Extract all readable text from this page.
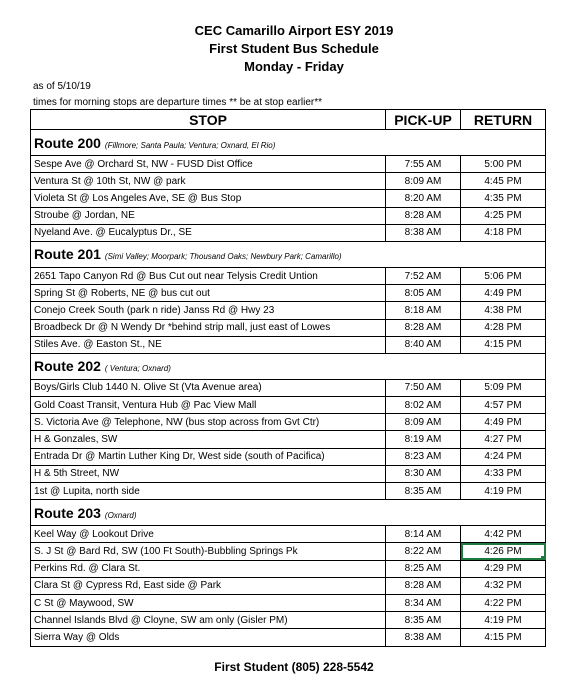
CEC Camarillo Airport ESY 2019
First Student Bus Schedule
Monday - Friday
as of 5/10/19
times for morning stops are departure times ** be at stop earlier**
STOP	PICK-UP	RETURN
Route 200 (Fillmore; Santa Paula; Ventura; Oxnard, El Rio)		
Sespe Ave @ Orchard St, NW - FUSD Dist Office	7:55 AM	5:00 PM
Ventura St @ 10th St, NW @ park	8:09 AM	4:45 PM
Violeta St @ Los Angeles Ave, SE @ Bus Stop	8:20 AM	4:35 PM
Stroube @ Jordan, NE	8:28 AM	4:25 PM
Nyeland Ave. @ Eucalyptus Dr., SE	8:38 AM	4:18 PM
Route 201 (Simi Valley; Moorpark; Thousand Oaks; Newbury Park; Camarillo)		
2651 Tapo Canyon Rd @ Bus Cut out near Telysis Credit Untion	7:52 AM	5:06 PM
Spring St @ Roberts, NE @ bus cut out	8:05 AM	4:49 PM
Conejo Creek South (park n ride) Janss Rd @ Hwy 23	8:18 AM	4:38 PM
Broadbeck Dr @ N Wendy Dr *behind strip mall, just east of Lowes	8:28 AM	4:28 PM
Stiles Ave. @ Easton St., NE	8:40 AM	4:15 PM
Route 202 ( Ventura; Oxnard)		
Boys/Girls Club 1440 N. Olive St (Vta Avenue area)	7:50 AM	5:09 PM
Gold Coast Transit, Ventura Hub @ Pac View Mall	8:02 AM	4:57 PM
S. Victoria Ave @ Telephone, NW (bus stop across from Gvt Ctr)	8:09 AM	4:49 PM
H & Gonzales, SW	8:19 AM	4:27 PM
Entrada Dr @ Martin Luther King Dr, West side (south of Pacifica)	8:23 AM	4:24 PM
H & 5th Street, NW	8:30 AM	4:33 PM
1st @ Lupita, north side	8:35 AM	4:19 PM
Route 203 (Oxnard)		
Keel Way @ Lookout Drive	8:14 AM	4:42 PM
S. J St @ Bard Rd, SW (100 Ft South)-Bubbling Springs Pk	8:22 AM	4:26 PM

Perkins Rd. @ Clara St.	8:25 AM	4:29 PM
Clara St @ Cypress Rd, East side @ Park	8:28 AM	4:32 PM
C St @ Maywood, SW	8:34 AM	4:22 PM
Channel Islands Blvd @ Cloyne, SW am only (Gisler PM)	8:35 AM	4:19 PM
Sierra Way @ Olds	8:38 AM	4:15 PM
First Student (805) 228-5542
